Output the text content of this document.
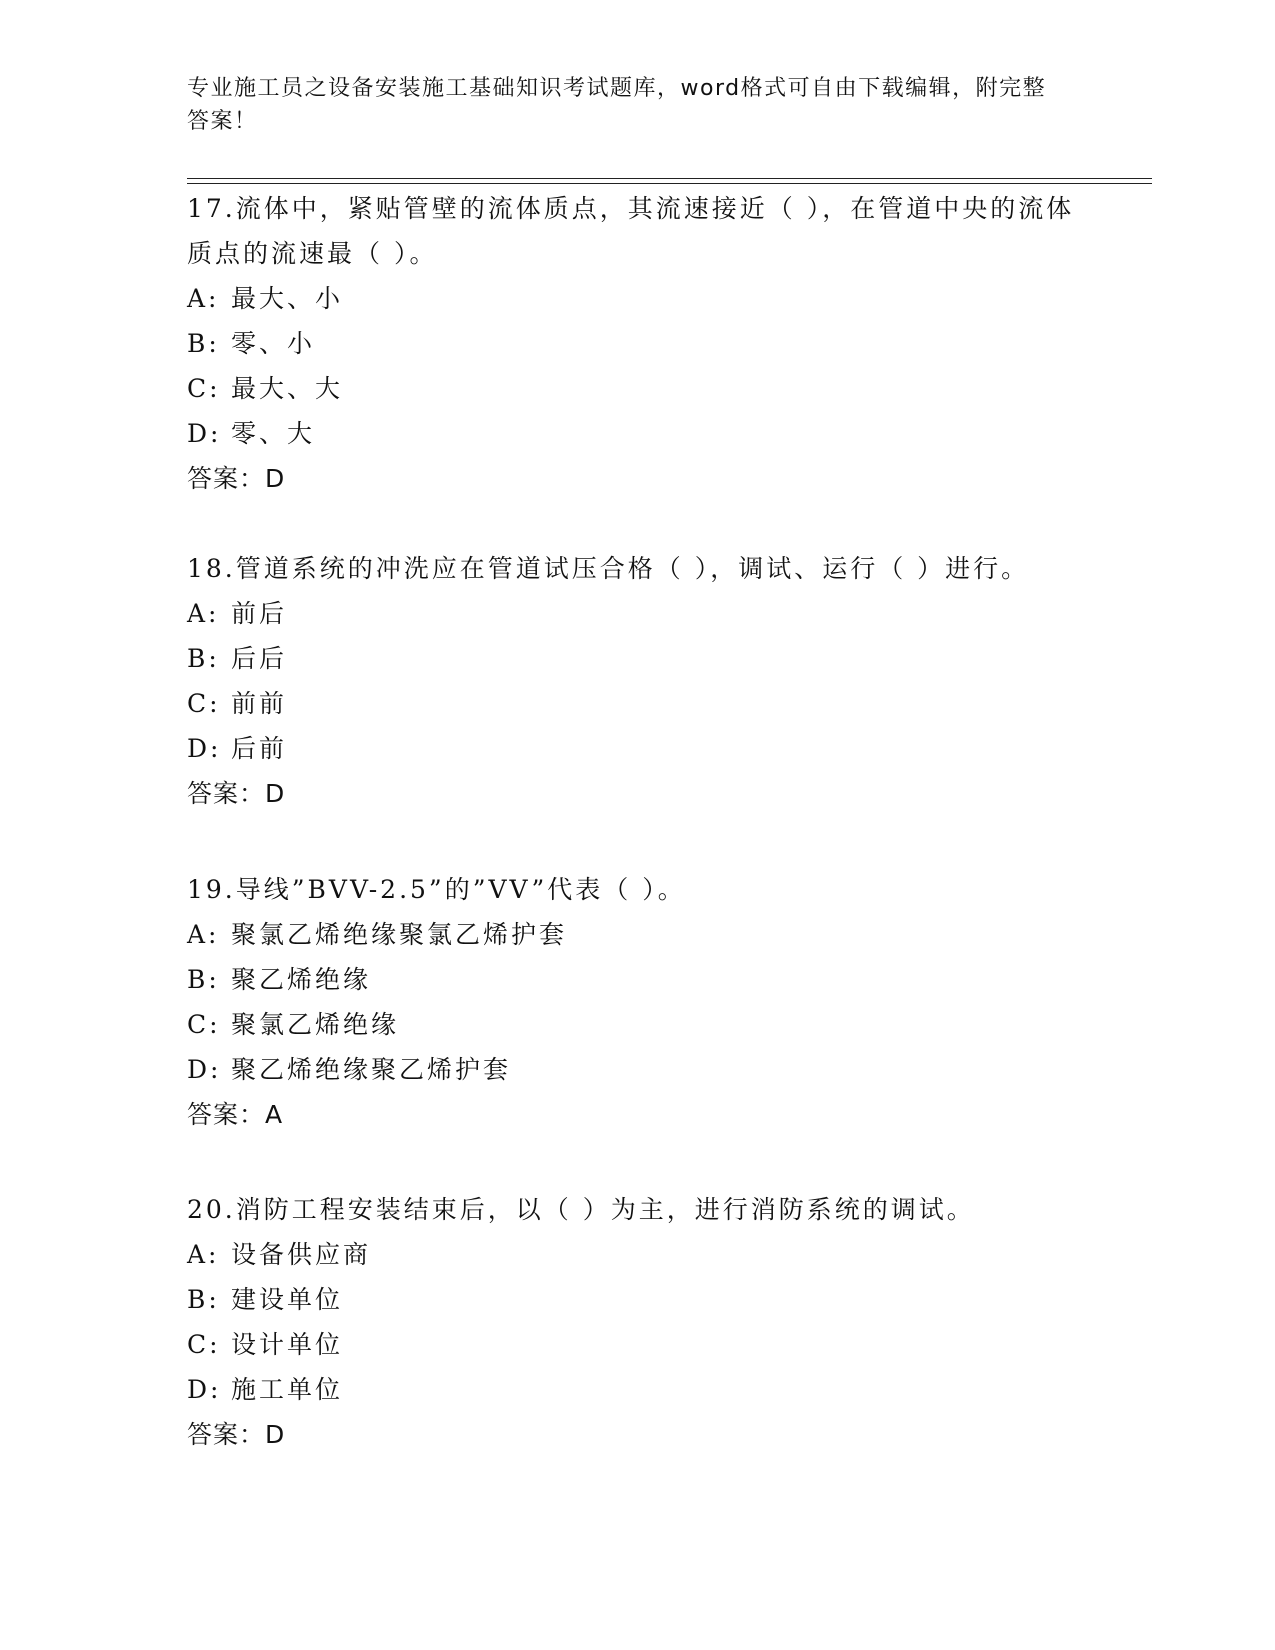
专业施工员之设备安装施工基础知识考试题库，word格式可自由下载编辑，附完整答案！

17.流体中，紧贴管壁的流体质点，其流速接近（ ），在管道中央的流体质点的流速最（ ）。

A: 最大、小

B: 零、小

C: 最大、大

D: 零、大

答案：D

18.管道系统的冲洗应在管道试压合格（ ），调试、运行（ ）进行。

A: 前后

B: 后后

C: 前前

D: 后前

答案：D

19.导线”BVV-2.5”的”VV”代表（ ）。

A: 聚氯乙烯绝缘聚氯乙烯护套

B: 聚乙烯绝缘

C: 聚氯乙烯绝缘

D: 聚乙烯绝缘聚乙烯护套

答案：A

20.消防工程安装结束后，以（ ）为主，进行消防系统的调试。

A: 设备供应商

B: 建设单位

C: 设计单位

D: 施工单位

答案：D
